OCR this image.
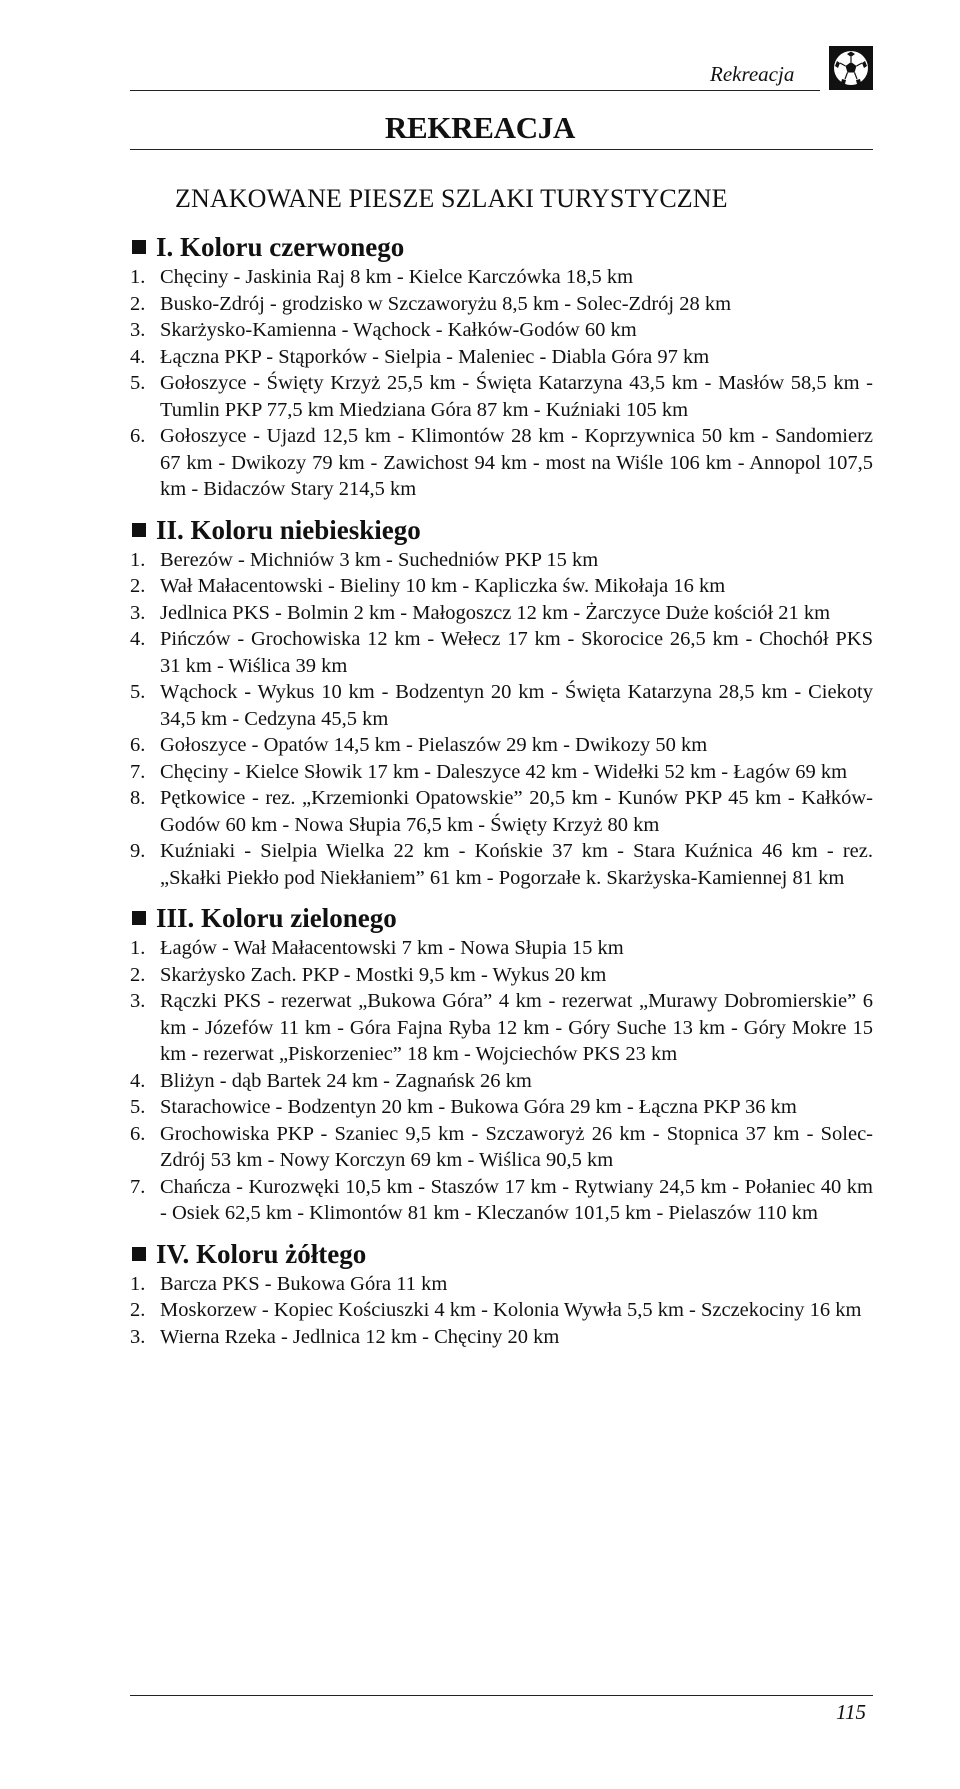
Rekreacja
REKREACJA
ZNAKOWANE PIESZE SZLAKI TURYSTYCZNE
I. Koloru czerwonego
1. Chęciny - Jaskinia Raj 8 km - Kielce Karczówka 18,5 km
2. Busko-Zdrój - grodzisko w Szczaworyżu 8,5 km - Solec-Zdrój 28 km
3. Skarżysko-Kamienna - Wąchock - Kałków-Godów 60 km
4. Łączna PKP - Stąporków - Sielpia - Maleniec - Diabla Góra 97 km
5. Gołoszyce - Święty Krzyż 25,5 km - Święta Katarzyna 43,5 km - Masłów 58,5 km - Tumlin PKP 77,5 km Miedziana Góra 87 km - Kuźniaki 105 km
6. Gołoszyce - Ujazd 12,5 km - Klimontów 28 km - Koprzywnica 50 km - Sandomierz 67 km - Dwikozy 79 km - Zawichost 94 km - most na Wiśle 106 km - Annopol 107,5 km - Bidaczów Stary 214,5 km
II. Koloru niebieskiego
1. Berezów - Michniów 3 km - Suchedniów PKP 15 km
2. Wał Małacentowski - Bieliny 10 km - Kapliczka św. Mikołaja 16 km
3. Jedlnica PKS - Bolmin 2 km - Małogoszcz 12 km - Żarczyce Duże kościół 21 km
4. Pińczów - Grochowiska 12 km - Wełecz 17 km - Skorocice 26,5 km - Chochół PKS 31 km - Wiślica 39 km
5. Wąchock - Wykus 10 km - Bodzentyn 20 km - Święta Katarzyna 28,5 km - Ciekoty 34,5 km - Cedzyna 45,5 km
6. Gołoszyce - Opatów 14,5 km - Pielaszów 29 km - Dwikozy 50 km
7. Chęciny - Kielce Słowik 17 km - Daleszyce 42 km - Widełki 52 km - Łagów 69 km
8. Pętkowice - rez. „Krzemionki Opatowskie” 20,5 km - Kunów PKP 45 km - Kałków-Godów 60 km - Nowa Słupia 76,5 km - Święty Krzyż 80 km
9. Kuźniaki - Sielpia Wielka 22 km - Końskie 37 km - Stara Kuźnica 46 km - rez. „Skałki Piekło pod Niekłaniem” 61 km - Pogorzałe k. Skarżyska-Kamiennej 81 km
III. Koloru zielonego
1. Łagów - Wał Małacentowski 7 km - Nowa Słupia 15 km
2. Skarżysko Zach. PKP - Mostki 9,5 km - Wykus 20 km
3. Rączki PKS - rezerwat „Bukowa Góra” 4 km - rezerwat „Murawy Dobromierskie” 6 km - Józefów 11 km - Góra Fajna Ryba 12 km - Góry Suche 13 km - Góry Mokre 15 km - rezerwat „Piskorzeniec” 18 km - Wojciechów PKS 23 km
4. Bliżyn - dąb Bartek 24 km - Zagnańsk 26 km
5. Starachowice - Bodzentyn 20 km - Bukowa Góra 29 km - Łączna PKP 36 km
6. Grochowiska PKP - Szaniec 9,5 km - Szczaworyż 26 km - Stopnica 37 km - Solec-Zdrój 53 km - Nowy Korczyn 69 km - Wiślica 90,5 km
7. Chańcza - Kurozwęki 10,5 km - Staszów 17 km - Rytwiany 24,5 km - Połaniec 40 km - Osiek 62,5 km - Klimontów 81 km - Kleczanów 101,5 km - Pielaszów 110 km
IV. Koloru żółtego
1. Barcza PKS - Bukowa Góra 11 km
2. Moskorzew - Kopiec Kościuszki 4 km - Kolonia Wywła 5,5 km - Szczekociny 16 km
3. Wierna Rzeka - Jedlnica 12 km - Chęciny 20 km
115
